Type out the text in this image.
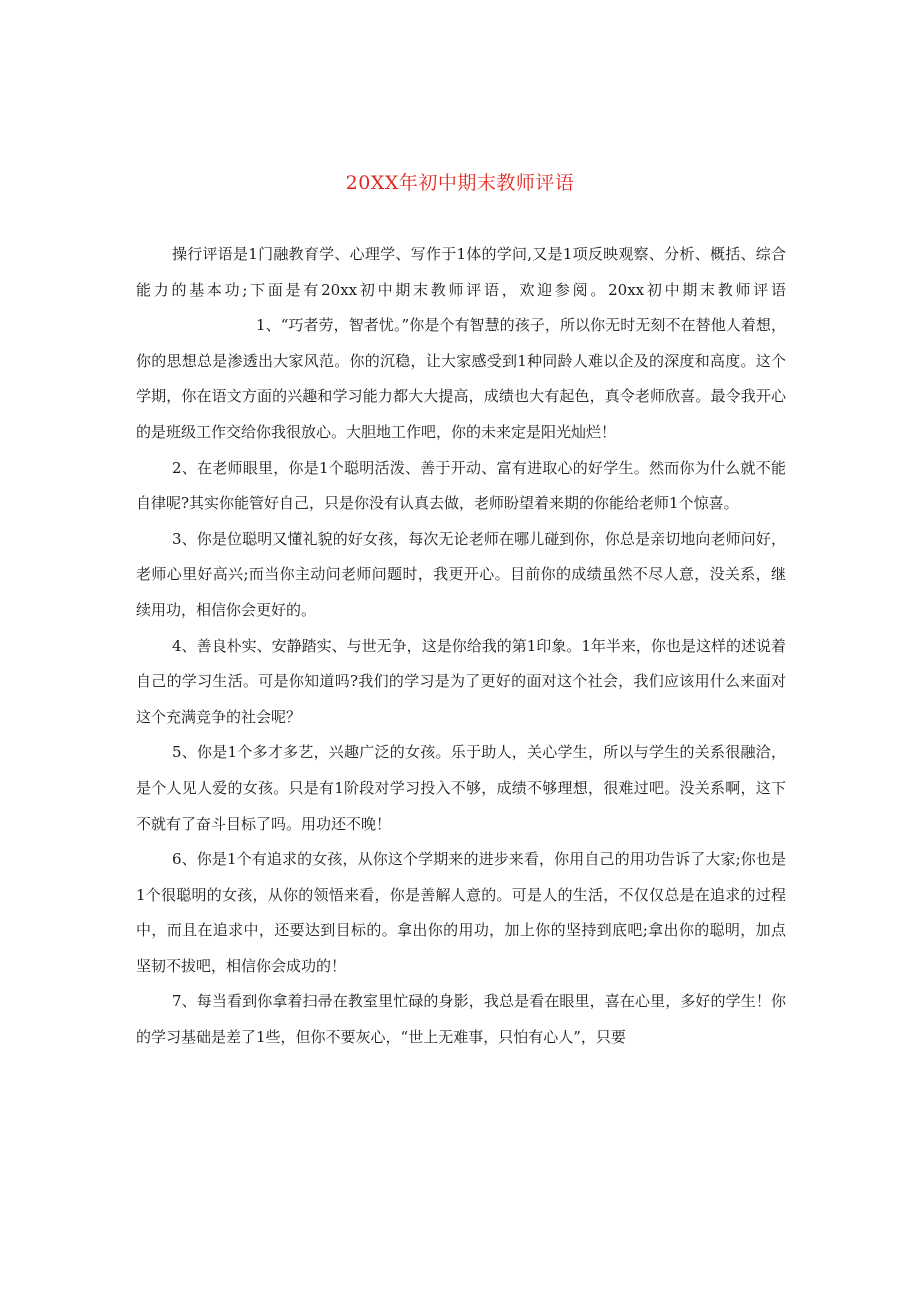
20XX年初中期末教师评语

操行评语是1门融教育学、心理学、写作于1体的学问,又是1项反映观察、分析、概括、综合能力的基本功;下面是有20xx初中期末教师评语，欢迎参阅。20xx初中期末教师评语1、“巧者劳，智者忧。”你是个有智慧的孩子，所以你无时无刻不在替他人着想，你的思想总是渗透出大家风范。你的沉稳，让大家感受到1种同龄人难以企及的深度和高度。这个学期，你在语文方面的兴趣和学习能力都大大提高，成绩也大有起色，真令老师欣喜。最令我开心的是班级工作交给你我很放心。大胆地工作吧，你的未来定是阳光灿烂！

2、在老师眼里，你是1个聪明活泼、善于开动、富有进取心的好学生。然而你为什么就不能自律呢?其实你能管好自己，只是你没有认真去做，老师盼望着来期的你能给老师1个惊喜。

3、你是位聪明又懂礼貌的好女孩，每次无论老师在哪儿碰到你，你总是亲切地向老师问好，老师心里好高兴;而当你主动问老师问题时，我更开心。目前你的成绩虽然不尽人意，没关系，继续用功，相信你会更好的。

4、善良朴实、安静踏实、与世无争，这是你给我的第1印象。1年半来，你也是这样的述说着自己的学习生活。可是你知道吗?我们的学习是为了更好的面对这个社会，我们应该用什么来面对这个充满竞争的社会呢？

5、你是1个多才多艺，兴趣广泛的女孩。乐于助人，关心学生，所以与学生的关系很融洽，是个人见人爱的女孩。只是有1阶段对学习投入不够，成绩不够理想，很难过吧。没关系啊，这下不就有了奋斗目标了吗。用功还不晚！

6、你是1个有追求的女孩，从你这个学期来的进步来看，你用自己的用功告诉了大家;你也是1个很聪明的女孩，从你的领悟来看，你是善解人意的。可是人的生活，不仅仅总是在追求的过程中，而且在追求中，还要达到目标的。拿出你的用功，加上你的坚持到底吧;拿出你的聪明，加点坚韧不拔吧，相信你会成功的！

7、每当看到你拿着扫帚在教室里忙碌的身影，我总是看在眼里，喜在心里，多好的学生！你的学习基础是差了1些，但你不要灰心，“世上无难事，只怕有心人”，只要
